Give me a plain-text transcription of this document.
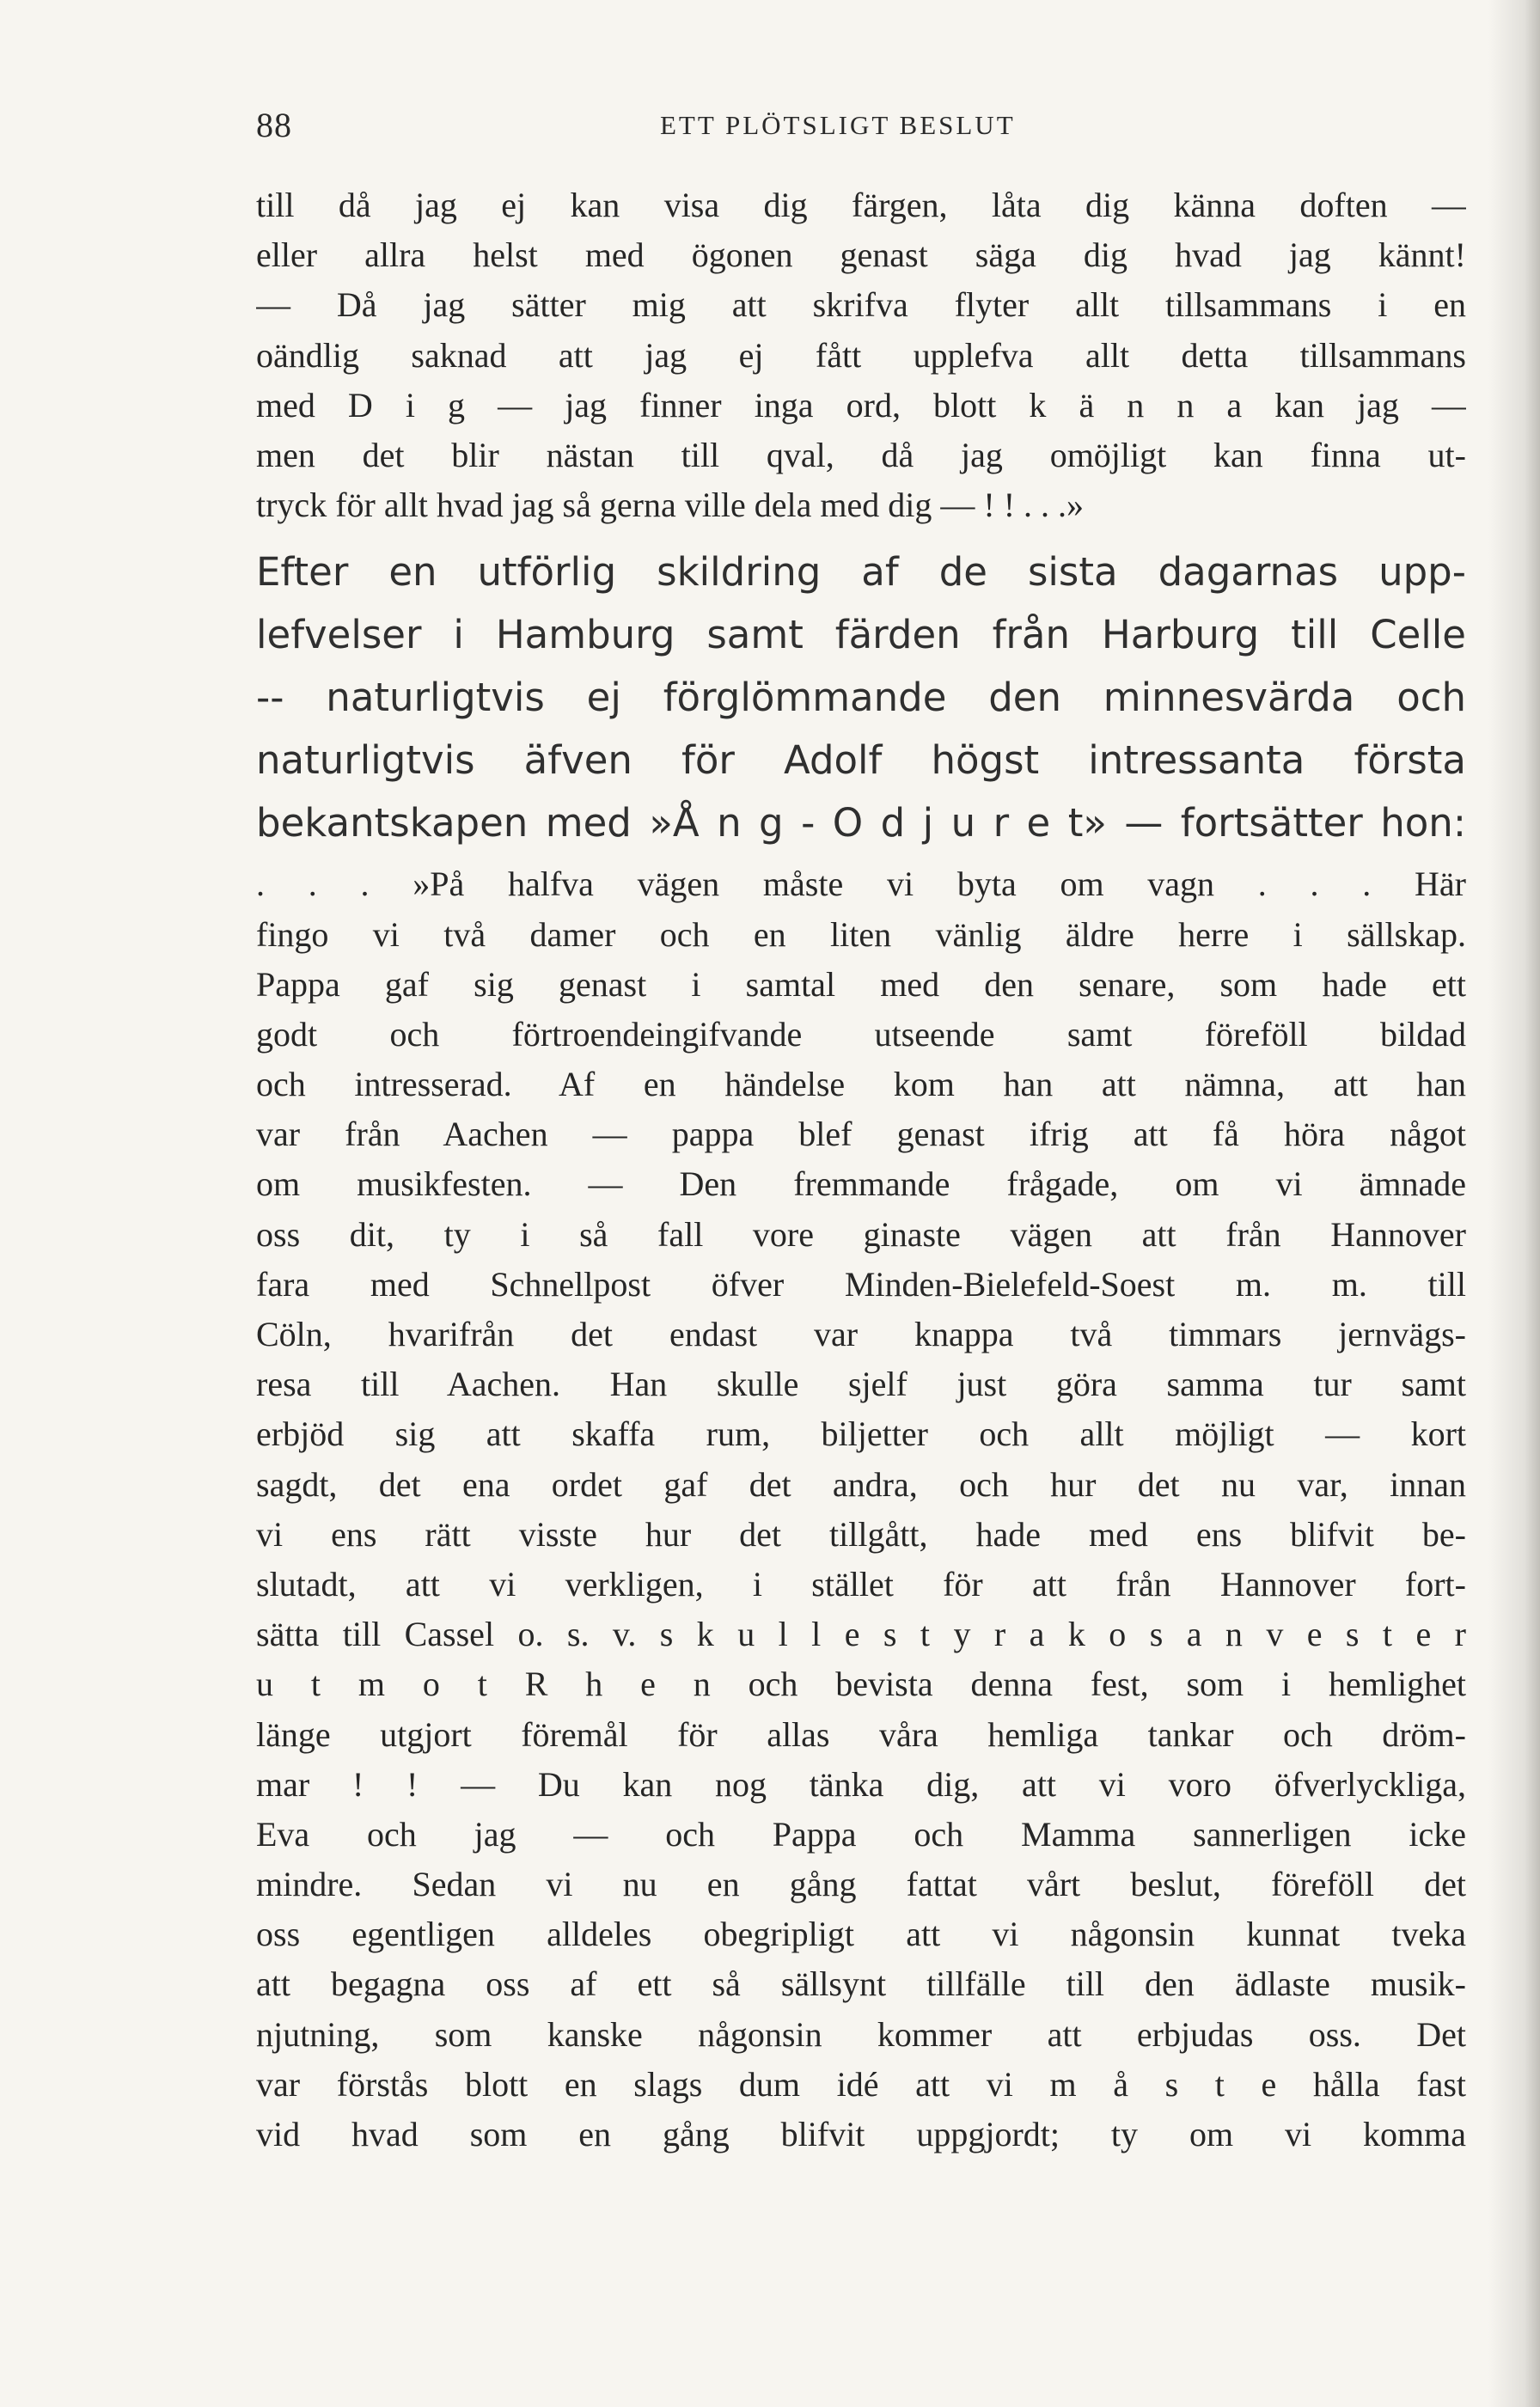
88	ETT PLÖTSLIGT BESLUT
till då jag ej kan visa dig färgen, låta dig känna doften —
eller allra helst med ögonen genast säga dig hvad jag kännt!
— Då jag sätter mig att skrifva flyter allt tillsammans i en
oändlig saknad att jag ej fått upplefva allt detta tillsammans
med D i g — jag finner inga ord, blott k ä n n a kan jag —
men det blir nästan till qval, då jag omöjligt kan finna ut-
tryck för allt hvad jag så gerna ville dela med dig — ! ! . . .»
Efter en utförlig skildring af de sista dagarnas upp-
lefvelser i Hamburg samt färden från Harburg till Celle
-- naturligtvis ej förglömmande den minnesvärda och
naturligtvis äfven för Adolf högst intressanta första
bekantskapen med »Å n g - O d j u r e t» — fortsätter hon:
. . . »På halfva vägen måste vi byta om vagn . . . Här
fingo vi två damer och en liten vänlig äldre herre i sällskap.
Pappa gaf sig genast i samtal med den senare, som hade ett
godt och förtroendeingifvande utseende samt föreföll bildad
och intresserad. Af en händelse kom han att nämna, att han
var från Aachen — pappa blef genast ifrig att få höra något
om musikfesten. — Den fremmande frågade, om vi ämnade
oss dit, ty i så fall vore ginaste vägen att från Hannover
fara med Schnellpost öfver Minden-Bielefeld-Soest m. m. till
Cöln, hvarifrån det endast var knappa två timmars jernvägs-
resa till Aachen. Han skulle sjelf just göra samma tur samt
erbjöd sig att skaffa rum, biljetter och allt möjligt — kort
sagdt, det ena ordet gaf det andra, och hur det nu var, innan
vi ens rätt visste hur det tillgått, hade med ens blifvit be-
slutadt, att vi verkligen, i stället för att från Hannover fort-
sätta till Cassel o. s. v. s k u l l e s t y r a k o s a n v e s t e r
u t m o t R h e n och bevista denna fest, som i hemlighet
länge utgjort föremål för allas våra hemliga tankar och dröm-
mar ! ! — Du kan nog tänka dig, att vi voro öfverlyckliga,
Eva och jag — och Pappa och Mamma sannerligen icke
mindre. Sedan vi nu en gång fattat vårt beslut, föreföll det
oss egentligen alldeles obegripligt att vi någonsin kunnat tveka
att begagna oss af ett så sällsynt tillfälle till den ädlaste musik-
njutning, som kanske någonsin kommer att erbjudas oss. Det
var förstås blott en slags dum idé att vi m å s t e hålla fast
vid hvad som en gång blifvit uppgjordt; ty om vi komma
